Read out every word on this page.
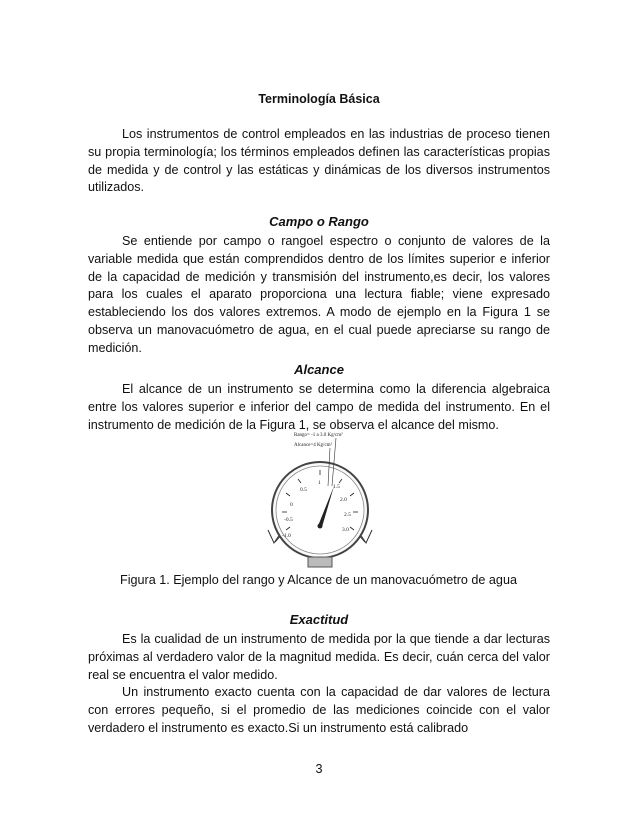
Terminología Básica

Los instrumentos de control empleados en las industrias de proceso tienen su propia terminología; los términos empleados definen las características propias de medida y de control y las estáticas y dinámicas de los diversos instrumentos utilizados.

Campo o Rango

Se entiende por campo o rangoel espectro o conjunto de valores de la variable medida que están comprendidos dentro de los límites superior e inferior de la capacidad de medición y transmisión del instrumento,es decir, los valores para los cuales el aparato proporciona una lectura fiable; viene expresado estableciendo los dos valores extremos. A modo de ejemplo en la Figura 1 se observa un manovacuómetro de agua, en el cual puede apreciarse su rango de medición.

Alcance

El alcance de un instrumento se determina como la diferencia algebraica entre los valores superior e inferior del campo de medida del instrumento. En el instrumento de medición de la Figura 1, se observa el alcance del mismo.

-1.0
-0.5
0
0.5
1
1.5
2.0
2.5
3.0
Rango= -1 a 3.0 Kg/cm²
Alcance=4 Kg/cm²
Figura 1. Ejemplo del rango y Alcance de un manovacuómetro de agua
Exactitud

Es la cualidad de un instrumento de medida por la que tiende a dar lecturas próximas al verdadero valor de la magnitud medida. Es decir, cuán cerca del valor real se encuentra el valor medido.

Un instrumento exacto cuenta con la capacidad de dar valores de lectura con errores pequeño, si el promedio de las mediciones coincide con el valor verdadero el instrumento es exacto.Si un instrumento está calibrado

3
